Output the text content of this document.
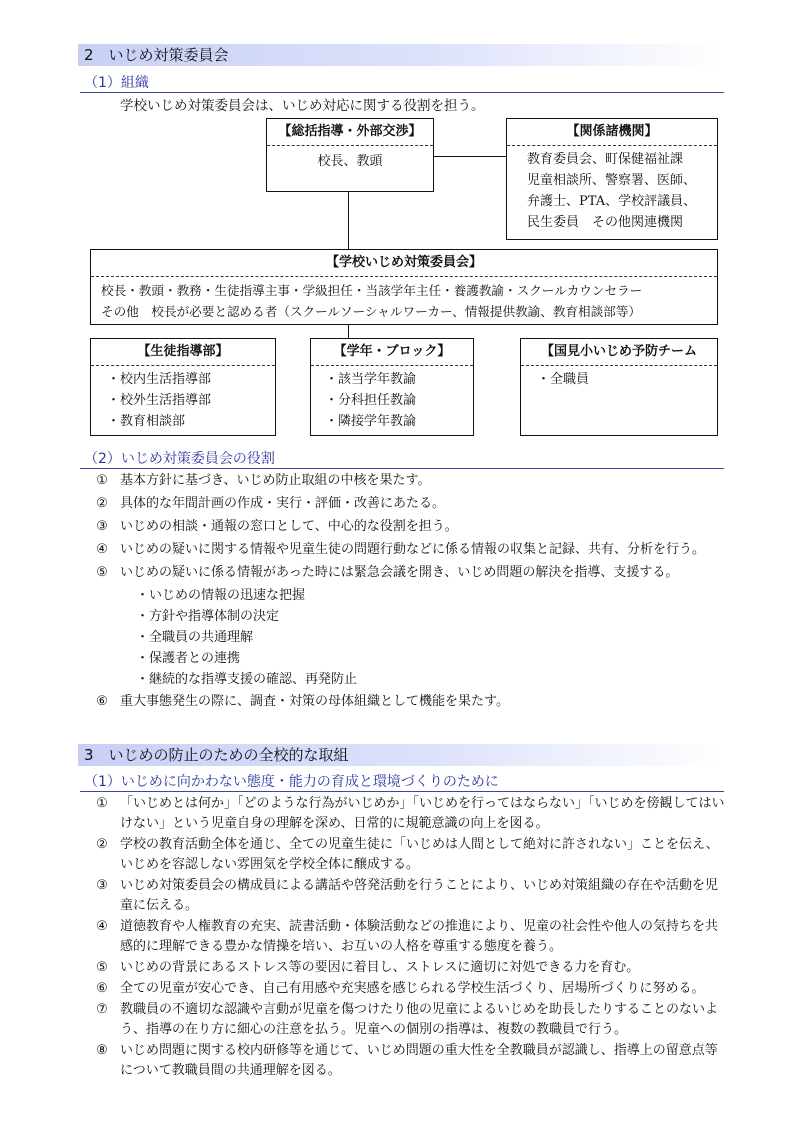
2　いじめ対策委員会
（1）組織
学校いじめ対策委員会は、いじめ対応に関する役割を担う。
【総括指導・外部交渉】
校長、教頭
【関係諸機関】
教育委員会、町保健福祉課
児童相談所、警察署、医師、
弁護士、PTA、学校評議員、
民生委員　その他関連機関
【学校いじめ対策委員会】
校長・教頭・教務・生徒指導主事・学級担任・当該学年主任・養護教諭・スクールカウンセラー
その他　校長が必要と認める者（スクールソーシャルワーカー、情報提供教諭、教育相談部等）
【生徒指導部】
・校内生活指導部
・校外生活指導部
・教育相談部
【学年・ブロック】
・該当学年教諭
・分科担任教論
・隣接学年教論
【国見小いじめ予防チーム
・全職員
（2）いじめ対策委員会の役割
① 基本方針に基づき、いじめ防止取組の中核を果たす。
② 具体的な年間計画の作成・実行・評価・改善にあたる。
③ いじめの相談・通報の窓口として、中心的な役割を担う。
④ いじめの疑いに関する情報や児童生徒の問題行動などに係る情報の収集と記録、共有、分析を行う。
⑤ いじめの疑いに係る情報があった時には緊急会議を開き、いじめ問題の解決を指導、支援する。
・いじめの情報の迅速な把握
・方針や指導体制の決定
・全職員の共通理解
・保護者との連携
・継続的な指導支援の確認、再発防止
⑥ 重大事態発生の際に、調査・対策の母体組織として機能を果たす。
3　いじめの防止のための全校的な取組
（1）いじめに向かわない態度・能力の育成と環境づくりのために
① 「いじめとは何か」「どのような行為がいじめか」「いじめを行ってはならない」「いじめを傍観してはいけない」という児童自身の理解を深め、日常的に規範意識の向上を図る。
② 学校の教育活動全体を通じ、全ての児童生徒に「いじめは人間として絶対に許されない」ことを伝え、いじめを容認しない雰囲気を学校全体に醸成する。
③ いじめ対策委員会の構成員による講話や啓発活動を行うことにより、いじめ対策組織の存在や活動を児童に伝える。
④ 道徳教育や人権教育の充実、読書活動・体験活動などの推進により、児童の社会性や他人の気持ちを共感的に理解できる豊かな情操を培い、お互いの人格を尊重する態度を養う。
⑤ いじめの背景にあるストレス等の要因に着目し、ストレスに適切に対処できる力を育む。
⑥ 全ての児童が安心でき、自己有用感や充実感を感じられる学校生活づくり、居場所づくりに努める。
⑦ 教職員の不適切な認識や言動が児童を傷つけたり他の児童によるいじめを助長したりすることのないよう、指導の在り方に細心の注意を払う。児童への個別の指導は、複数の教職員で行う。
⑧ いじめ問題に関する校内研修等を通じて、いじめ問題の重大性を全教職員が認識し、指導上の留意点等について教職員間の共通理解を図る。
